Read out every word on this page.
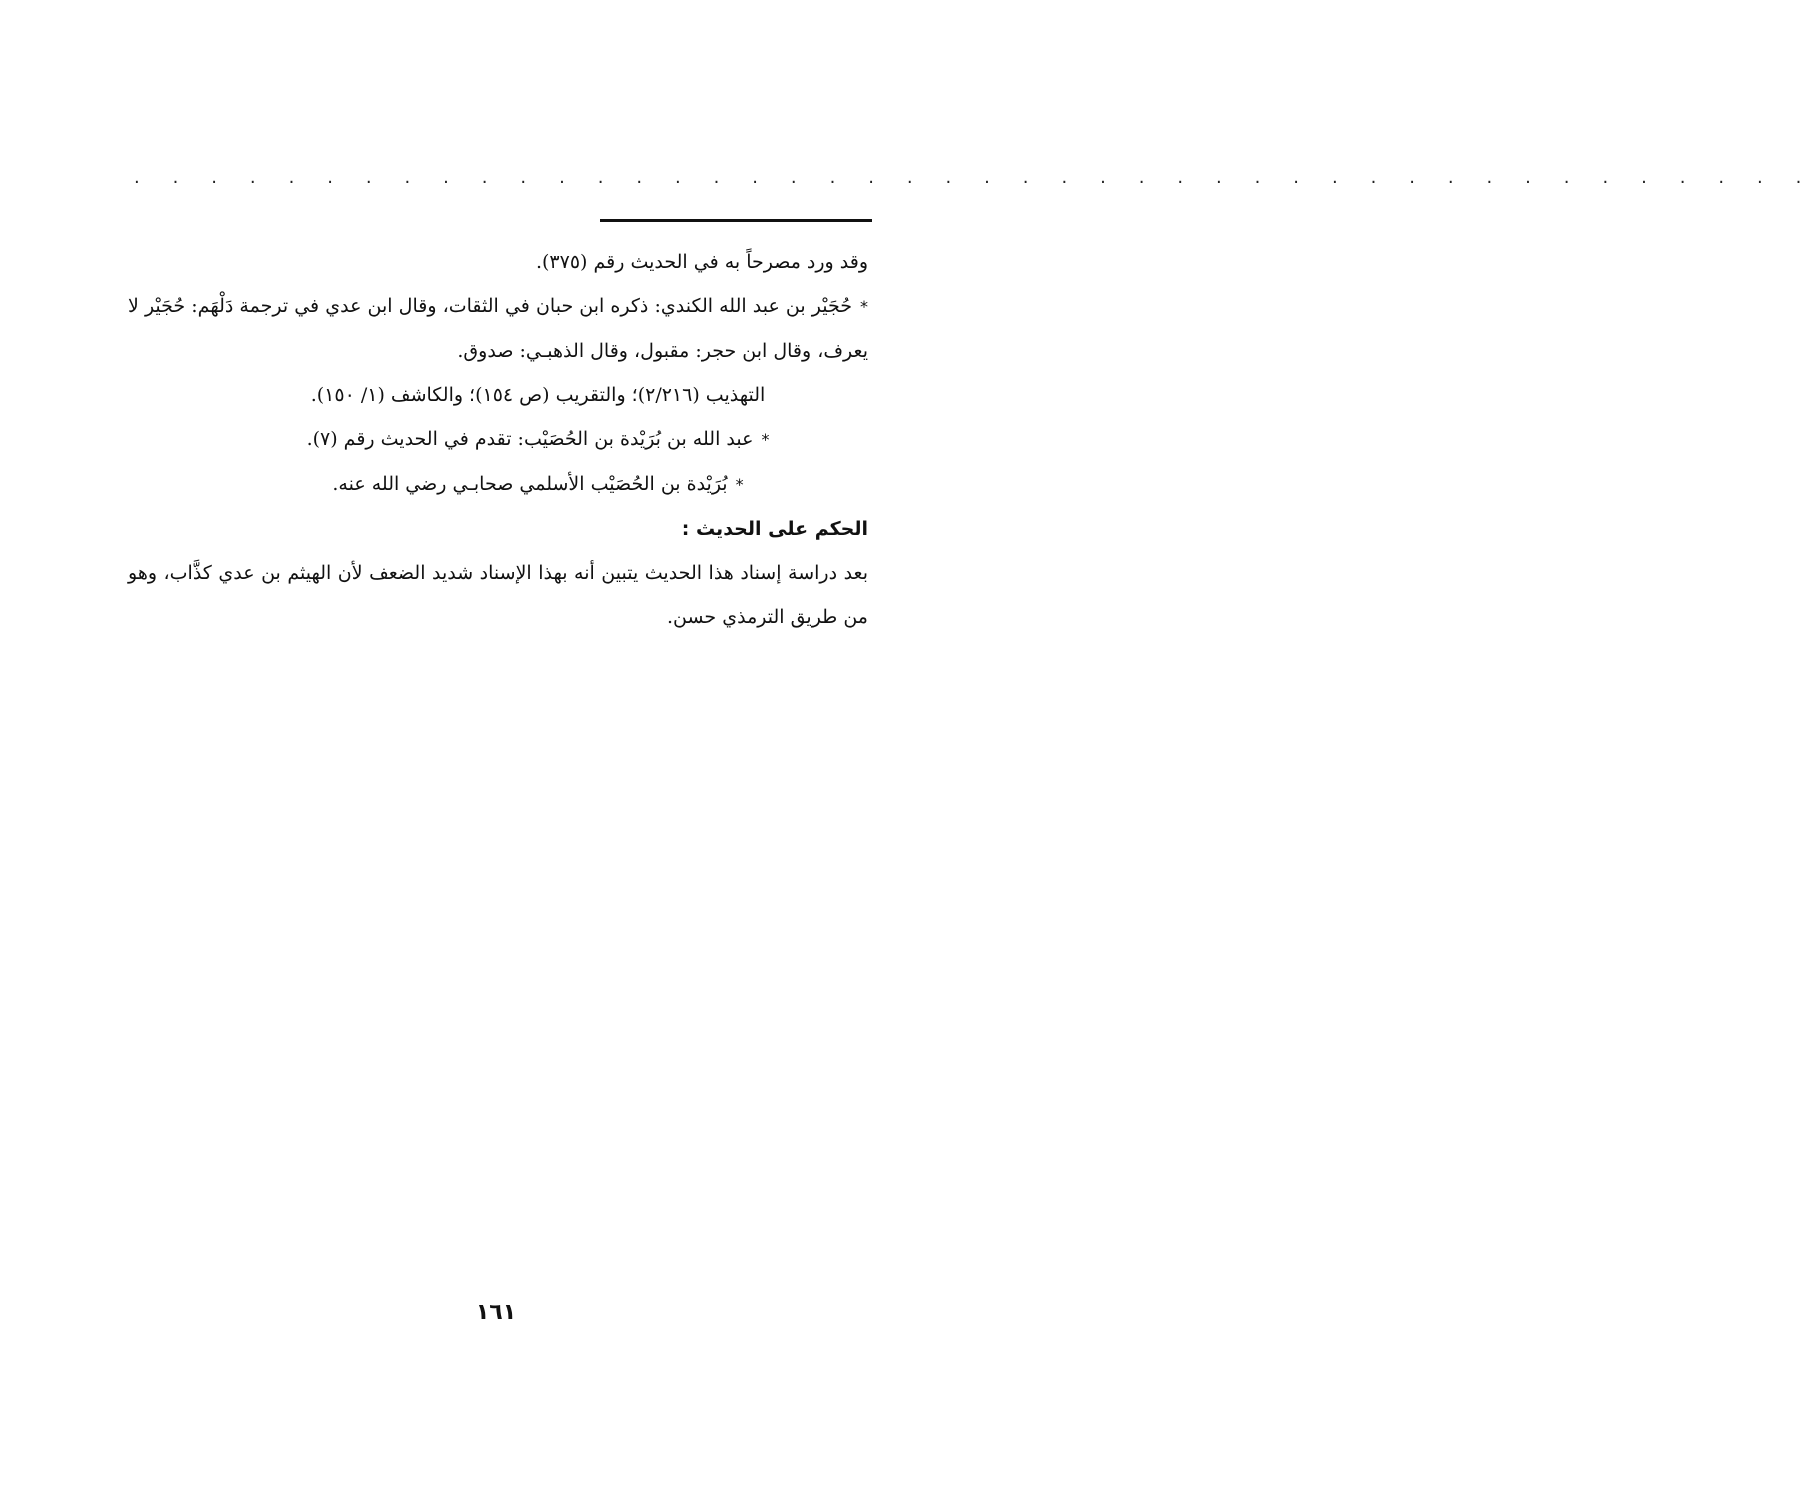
. . . . . . . . . . . . . . . . . . . . . . . . . . . . . . . . . . . . . . . . . . . .

وقد ورد مصرحاً به في الحديث رقم (٣٧٥).

*حُجَيْر بن عبد الله الكندي: ذكره ابن حبان في الثقات، وقال ابن عدي في ترجمة دَلْهَم: حُجَيْر لا يعرف، وقال ابن حجر: مقبول، وقال الذهبـي: صدوق.

التهذيب (٢/٢١٦)؛ والتقريب (ص ١٥٤)؛ والكاشف (١/ ١٥٠).

*عبد الله بن بُرَيْدة بن الحُصَيْب: تقدم في الحديث رقم (٧).

*بُرَيْدة بن الحُصَيْب الأسلمي صحابـي رضي الله عنه.

الحكم على الحديث :

بعد دراسة إسناد هذا الحديث يتبين أنه بهذا الإسناد شديد الضعف لأن الهيثم بن عدي كذَّاب، وهو من طريق الترمذي حسن.

١٦١
